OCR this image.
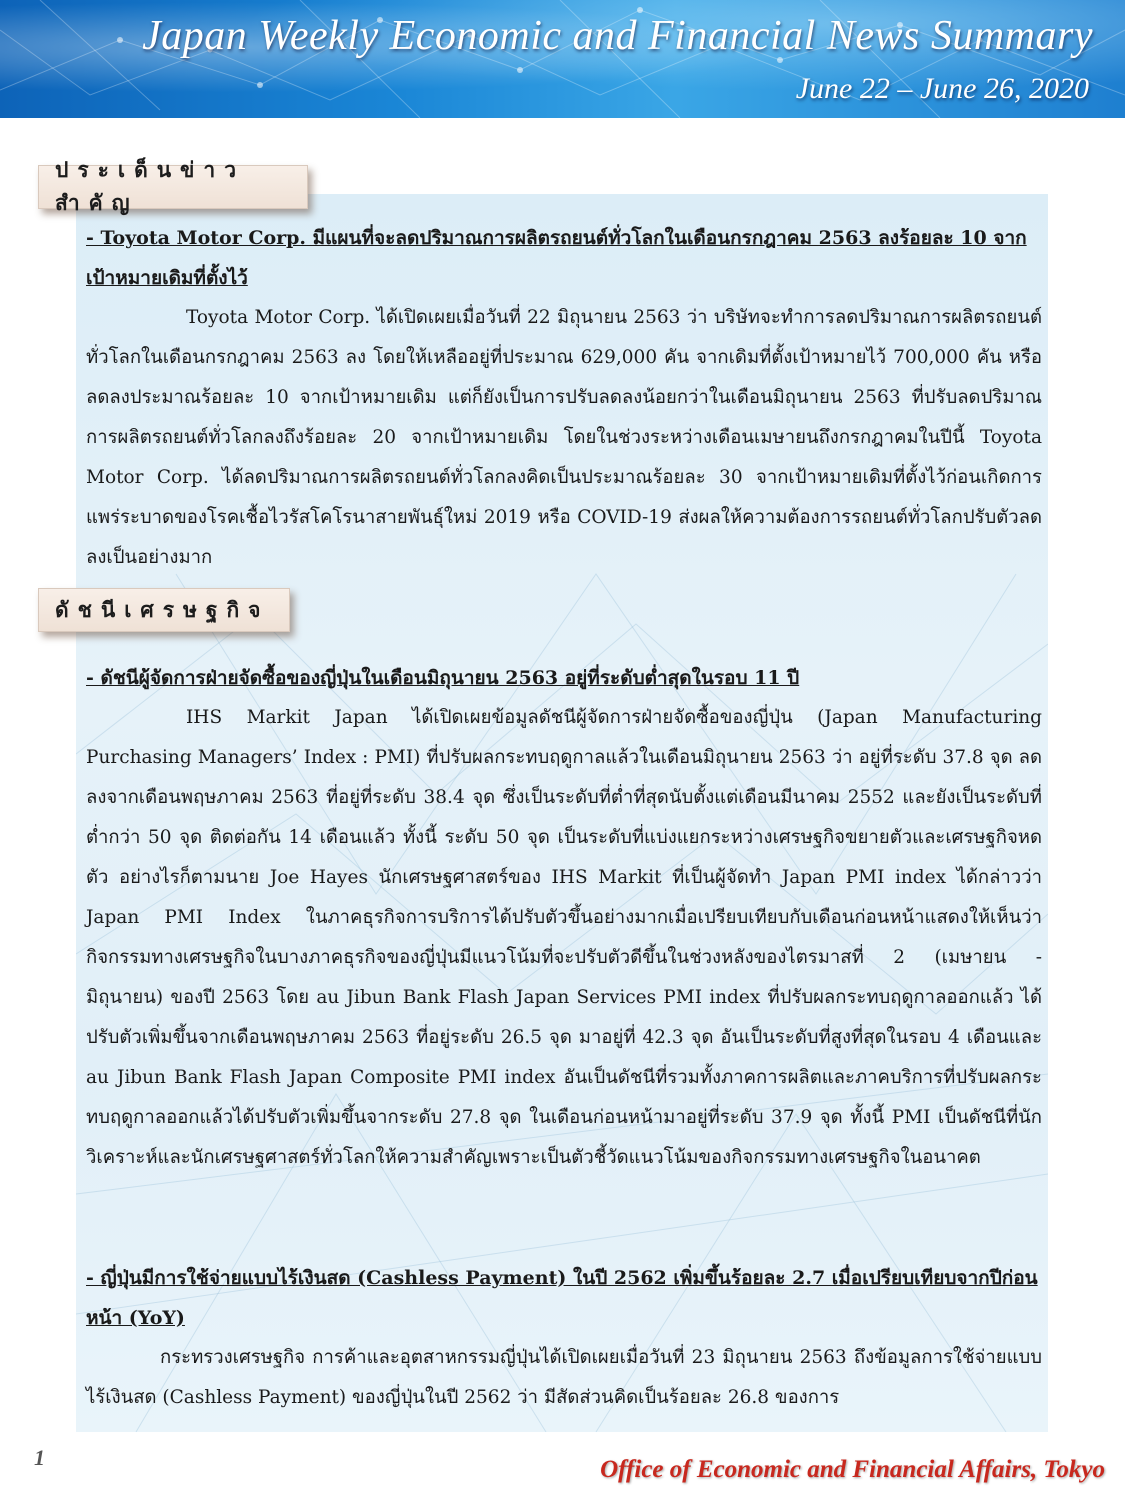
Japan Weekly Economic and Financial News Summary
June 22 – June 26, 2020
ประเด็นข่าวสำคัญ
ดัชนีเศรษฐกิจ
- Toyota Motor Corp. มีแผนที่จะลดปริมาณการผลิตรถยนต์ทั่วโลกในเดือนกรกฎาคม 2563 ลงร้อยละ 10 จากเป้าหมายเดิมที่ตั้งไว้

Toyota Motor Corp. ได้เปิดเผยเมื่อวันที่ 22 มิถุนายน 2563 ว่า บริษัทจะทำการลดปริมาณการผลิตรถยนต์ทั่วโลกในเดือนกรกฎาคม 2563 ลง โดยให้เหลืออยู่ที่ประมาณ 629,000 คัน จากเดิมที่ตั้งเป้าหมายไว้ 700,000 คัน หรือลดลงประมาณร้อยละ 10 จากเป้าหมายเดิม แต่ก็ยังเป็นการปรับลดลงน้อยกว่าในเดือนมิถุนายน 2563 ที่ปรับลดปริมาณการผลิตรถยนต์ทั่วโลกลงถึงร้อยละ 20 จากเป้าหมายเดิม โดยในช่วงระหว่างเดือนเมษายนถึงกรกฎาคมในปีนี้ Toyota Motor Corp. ได้ลดปริมาณการผลิตรถยนต์ทั่วโลกลงคิดเป็นประมาณร้อยละ 30 จากเป้าหมายเดิมที่ตั้งไว้ก่อนเกิดการแพร่ระบาดของโรคเชื้อไวรัสโคโรนาสายพันธุ์ใหม่ 2019 หรือ COVID-19 ส่งผลให้ความต้องการรถยนต์ทั่วโลกปรับตัวลดลงเป็นอย่างมาก

- ดัชนีผู้จัดการฝ่ายจัดซื้อของญี่ปุ่นในเดือนมิถุนายน 2563 อยู่ที่ระดับต่ำสุดในรอบ 11 ปี

IHS Markit Japan ได้เปิดเผยข้อมูลดัชนีผู้จัดการฝ่ายจัดซื้อของญี่ปุ่น (Japan Manufacturing Purchasing Managers’ Index : PMI) ที่ปรับผลกระทบฤดูกาลแล้วในเดือนมิถุนายน 2563 ว่า อยู่ที่ระดับ 37.8 จุด ลดลงจากเดือนพฤษภาคม 2563 ที่อยู่ที่ระดับ 38.4 จุด ซึ่งเป็นระดับที่ต่ำที่สุดนับตั้งแต่เดือนมีนาคม 2552 และยังเป็นระดับที่ต่ำกว่า 50 จุด ติดต่อกัน 14 เดือนแล้ว ทั้งนี้ ระดับ 50 จุด เป็นระดับที่แบ่งแยกระหว่างเศรษฐกิจขยายตัวและเศรษฐกิจหดตัว อย่างไรก็ตามนาย Joe Hayes นักเศรษฐศาสตร์ของ IHS Markit ที่เป็นผู้จัดทำ Japan PMI index ได้กล่าวว่า Japan PMI Index ในภาคธุรกิจการบริการได้ปรับตัวขึ้นอย่างมากเมื่อเปรียบเทียบกับเดือนก่อนหน้าแสดงให้เห็นว่ากิจกรรมทางเศรษฐกิจในบางภาคธุรกิจของญี่ปุ่นมีแนวโน้มที่จะปรับตัวดีขึ้นในช่วงหลังของไตรมาสที่ 2 (เมษายน - มิถุนายน) ของปี 2563 โดย au Jibun Bank Flash Japan Services PMI index ที่ปรับผลกระทบฤดูกาลออกแล้ว ได้ปรับตัวเพิ่มขึ้นจากเดือนพฤษภาคม 2563 ที่อยู่ระดับ 26.5 จุด มาอยู่ที่ 42.3 จุด อันเป็นระดับที่สูงที่สุดในรอบ 4 เดือนและ au Jibun Bank Flash Japan Composite PMI index อันเป็นดัชนีที่รวมทั้งภาคการผลิตและภาคบริการที่ปรับผลกระทบฤดูกาลออกแล้วได้ปรับตัวเพิ่มขึ้นจากระดับ 27.8 จุด ในเดือนก่อนหน้ามาอยู่ที่ระดับ 37.9 จุด ทั้งนี้ PMI เป็นดัชนีที่นักวิเคราะห์และนักเศรษฐศาสตร์ทั่วโลกให้ความสำคัญเพราะเป็นตัวชี้วัดแนวโน้มของกิจกรรมทางเศรษฐกิจในอนาคต

- ญี่ปุ่นมีการใช้จ่ายแบบไร้เงินสด (Cashless Payment) ในปี 2562 เพิ่มขึ้นร้อยละ 2.7 เมื่อเปรียบเทียบจากปีก่อนหน้า (YoY)

กระทรวงเศรษฐกิจ การค้าและอุตสาหกรรมญี่ปุ่นได้เปิดเผยเมื่อวันที่ 23 มิถุนายน 2563 ถึงข้อมูลการใช้จ่ายแบบไร้เงินสด (Cashless Payment) ของญี่ปุ่นในปี 2562 ว่า มีสัดส่วนคิดเป็นร้อยละ 26.8 ของการ

1	Office of Economic and Financial Affairs, Tokyo
